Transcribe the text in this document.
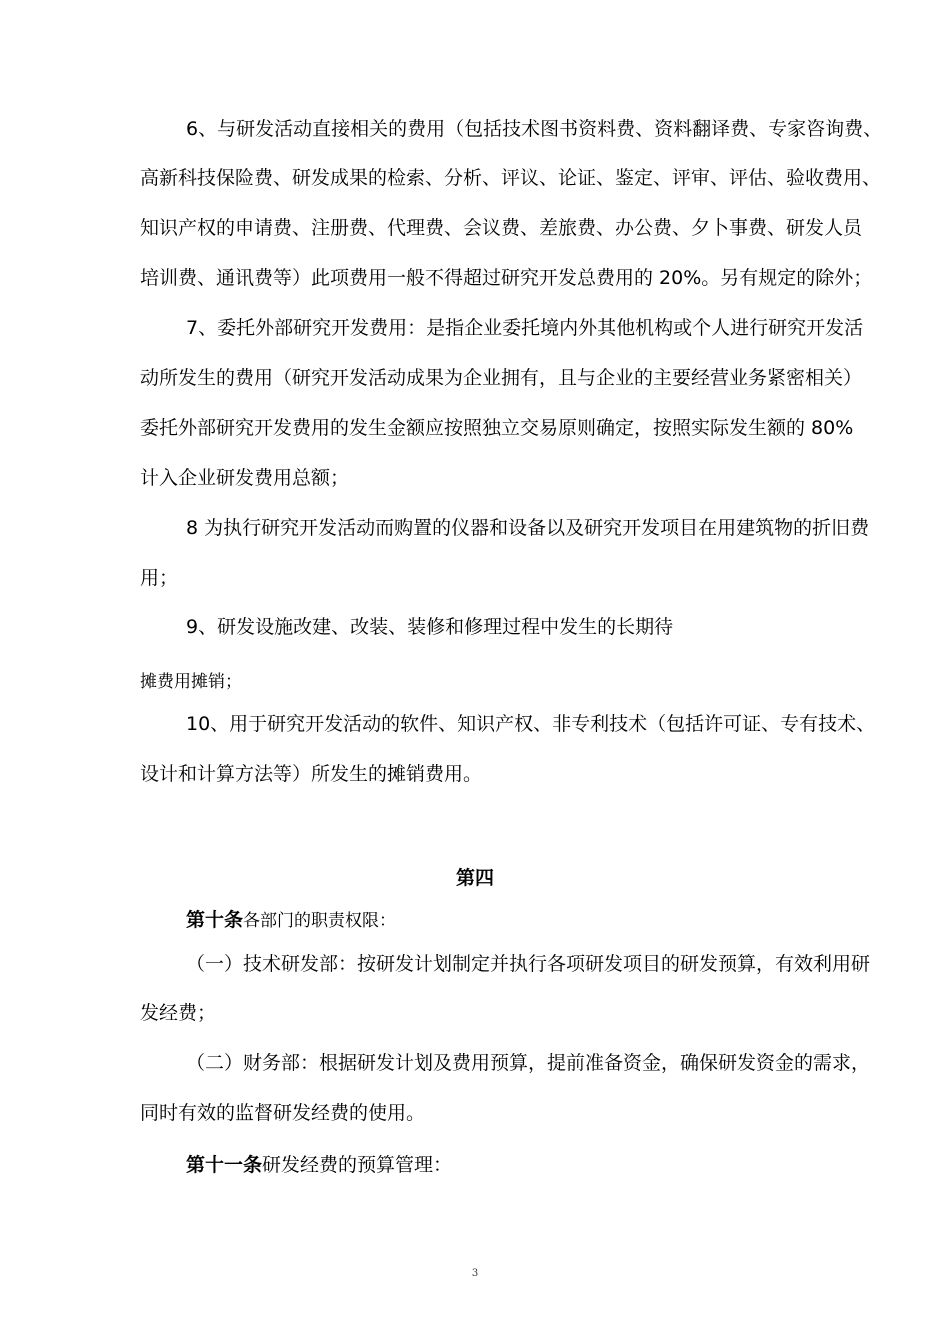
6、与研发活动直接相关的费用（包括技术图书资料费、资料翻译费、专家咨询费、
高新科技保险费、研发成果的检索、分析、评议、论证、鉴定、评审、评估、验收费用、
知识产权的申请费、注册费、代理费、会议费、差旅费、办公费、夕卜事费、研发人员
培训费、通讯费等）此项费用一般不得超过研究开发总费用的 20%。另有规定的除外；
7、委托外部研究开发费用：是指企业委托境内外其他机构或个人进行研究开发活
动所发生的费用（研究开发活动成果为企业拥有，且与企业的主要经营业务紧密相关）
委托外部研究开发费用的发生金额应按照独立交易原则确定，按照实际发生额的 80%
计入企业研发费用总额；
8 为执行研究开发活动而购置的仪器和设备以及研究开发项目在用建筑物的折旧费
用；
9、研发设施改建、改装、装修和修理过程中发生的长期待
摊费用摊销；
10、用于研究开发活动的软件、知识产权、非专利技术（包括许可证、专有技术、
设计和计算方法等）所发生的摊销费用。
第四
第十条各部门的职责权限：
（一）技术研发部：按研发计划制定并执行各项研发项目的研发预算，有效利用研
发经费；
（二）财务部：根据研发计划及费用预算，提前准备资金，确保研发资金的需求，
同时有效的监督研发经费的使用。
第十一条研发经费的预算管理：
3
